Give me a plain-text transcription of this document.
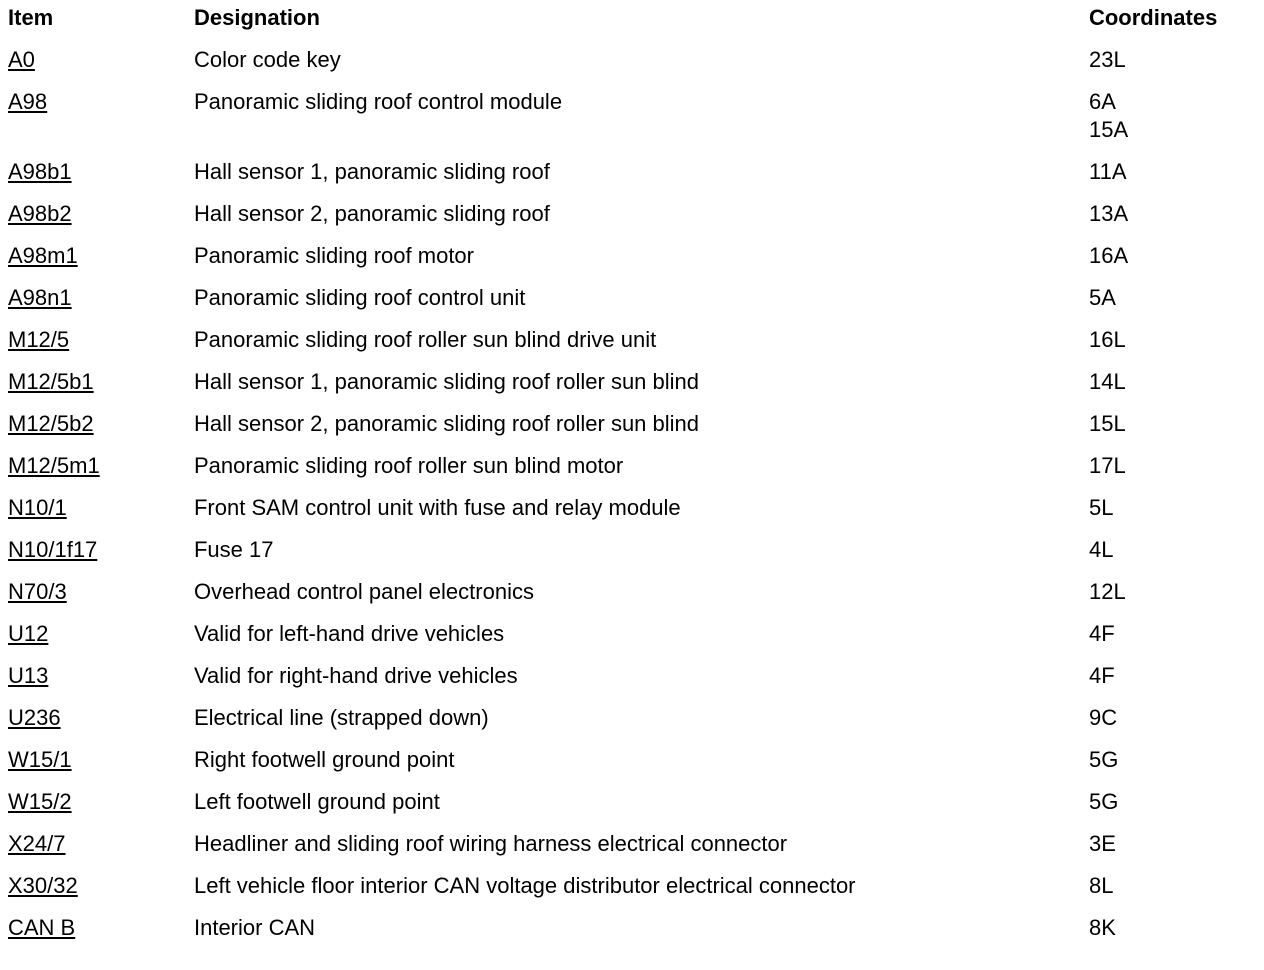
Item	Designation	Coordinates
A0	Color code key	23L

A98	Panoramic sliding roof control module	6A
15A

A98b1	Hall sensor 1, panoramic sliding roof	11A

A98b2	Hall sensor 2, panoramic sliding roof	13A

A98m1	Panoramic sliding roof motor	16A

A98n1	Panoramic sliding roof control unit	5A

M12/5	Panoramic sliding roof roller sun blind drive unit	16L

M12/5b1	Hall sensor 1, panoramic sliding roof roller sun blind	14L

M12/5b2	Hall sensor 2, panoramic sliding roof roller sun blind	15L

M12/5m1	Panoramic sliding roof roller sun blind motor	17L

N10/1	Front SAM control unit with fuse and relay module	5L

N10/1f17	Fuse 17	4L

N70/3	Overhead control panel electronics	12L

U12	Valid for left-hand drive vehicles	4F

U13	Valid for right-hand drive vehicles	4F

U236	Electrical line (strapped down)	9C

W15/1	Right footwell ground point	5G

W15/2	Left footwell ground point	5G

X24/7	Headliner and sliding roof wiring harness electrical connector	3E

X30/32	Left vehicle floor interior CAN voltage distributor electrical connector	8L

CAN B	Interior CAN	8K
